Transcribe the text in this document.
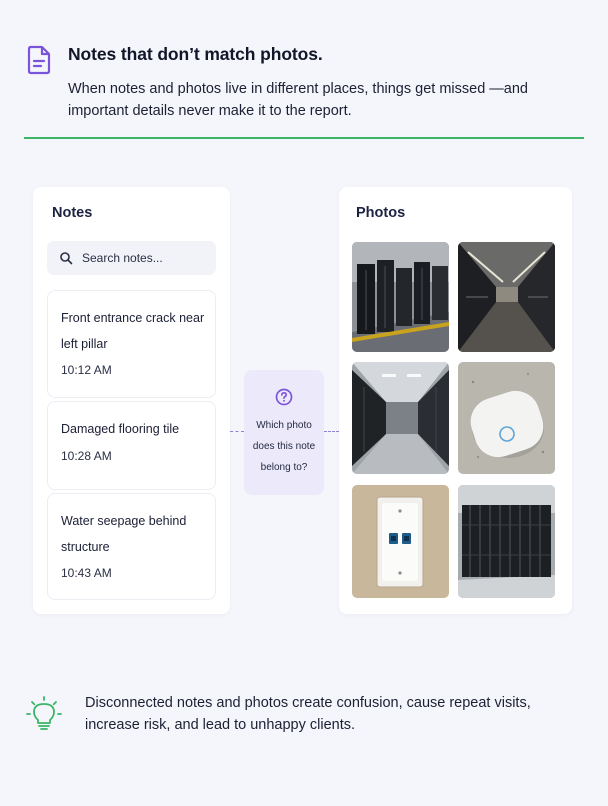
Notes that don’t match photos.
When notes and photos live in different places, things get missed —and important details never make it to the report.
Notes
Search notes...
Front entrance crack near left pillar
10:12 AM
Damaged flooring tile
10:28 AM
Water seepage behind structure
10:43 AM
Which photo does this note belong to?
Photos
Disconnected notes and photos create confusion, cause repeat visits, increase risk, and lead to unhappy clients.
